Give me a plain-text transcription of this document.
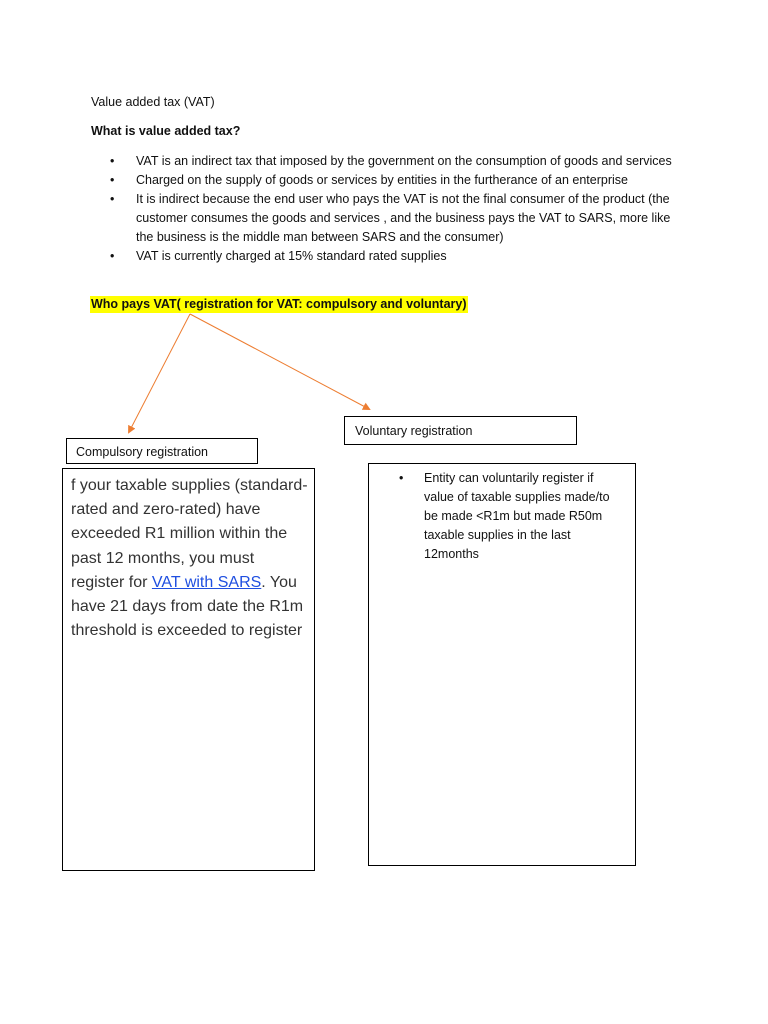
Value added tax (VAT)
What is value added tax?
• VAT is an indirect tax that imposed by the government on the consumption of goods and services
• Charged on the supply of goods or services by entities in the furtherance of an enterprise
• It is indirect because the end user who pays the VAT is not the final consumer of the product (the customer consumes the goods and services , and the business pays the VAT to SARS, more like the business is the middle man between SARS and the consumer)
• VAT is currently charged at 15% standard rated supplies
Who pays VAT( registration for VAT: compulsory and voluntary)
Compulsory registration
Voluntary registration
f your taxable supplies (standard-rated and zero-rated) have exceeded R1 million within the past 12 months, you must register for VAT with SARS. You have 21 days from date the R1m threshold is exceeded to register
• Entity can voluntarily register if value of taxable supplies made/to be made <R1m but made R50m taxable supplies in the last 12months
